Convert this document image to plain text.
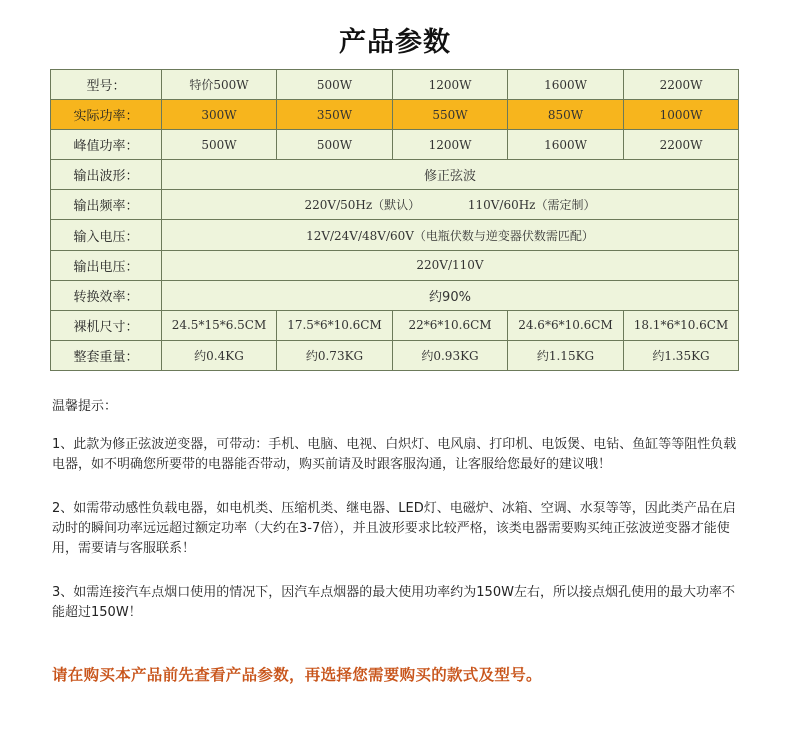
产品参数
型号：	特价500W	500W	1200W	1600W	2200W
实际功率：	300W	350W	550W	850W	1000W
峰值功率：	500W	500W	1200W	1600W	2200W
输出波形：	修正弦波				
输出频率：	220V/50Hz（默认） 110V/60Hz（需定制）				
输入电压：	12V/24V/48V/60V（电瓶伏数与逆变器伏数需匹配）				
输出电压：	220V/110V				
转换效率：	约90%				
裸机尺寸：	24.5*15*6.5CM	17.5*6*10.6CM	22*6*10.6CM	24.6*6*10.6CM	18.1*6*10.6CM
整套重量：	约0.4KG	约0.73KG	约0.93KG	约1.15KG	约1.35KG

温馨提示：

1、此款为修正弦波逆变器，可带动：手机、电脑、电视、白炽灯、电风扇、打印机、电饭煲、电钻、鱼缸等等阻性负载电器，如不明确您所要带的电器能否带动，购买前请及时跟客服沟通，让客服给您最好的建议哦！

2、如需带动感性负载电器，如电机类、压缩机类、继电器、LED灯、电磁炉、冰箱、空调、水泵等等，因此类产品在启动时的瞬间功率远远超过额定功率（大约在3-7倍），并且波形要求比较严格，该类电器需要购买纯正弦波逆变器才能使用，需要请与客服联系！

3、如需连接汽车点烟口使用的情况下，因汽车点烟器的最大使用功率约为150W左右，所以接点烟孔使用的最大功率不能超过150W！

请在购买本产品前先查看产品参数，再选择您需要购买的款式及型号。
